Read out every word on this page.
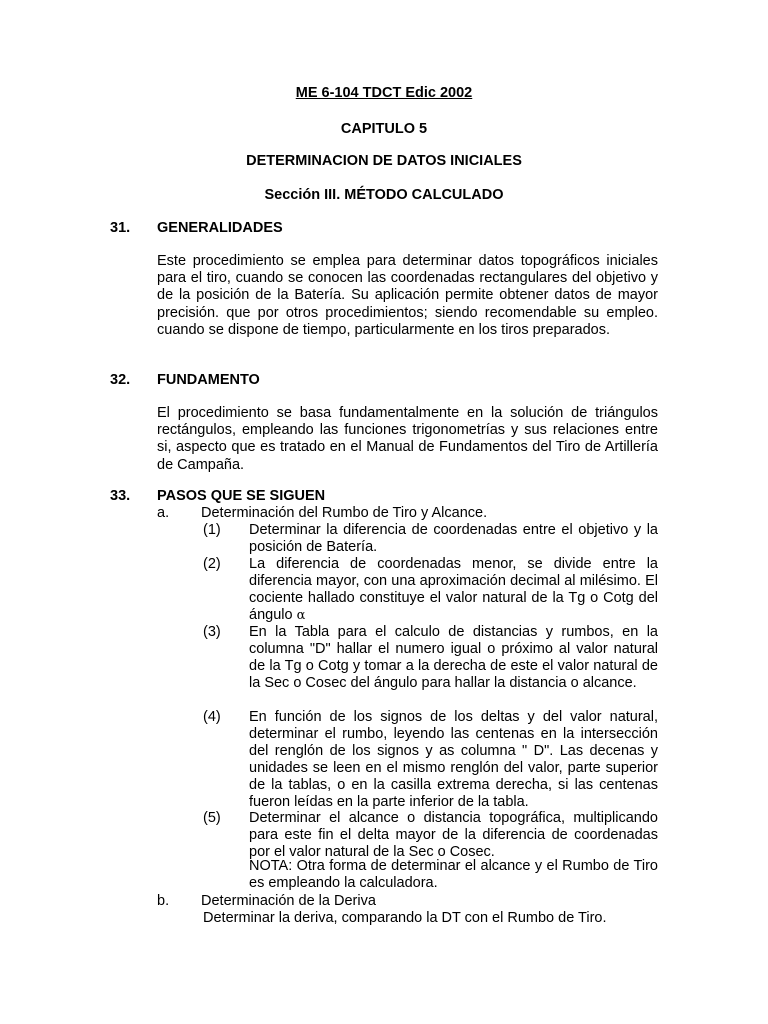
ME 6-104 TDCT Edic 2002
CAPITULO 5
DETERMINACION DE DATOS INICIALES
Sección III. MÉTODO CALCULADO
31. GENERALIDADES
Este procedimiento se emplea para determinar datos topográficos iniciales para el tiro, cuando se conocen las coordenadas rectangulares del objetivo y de la posición de la Batería. Su aplicación permite obtener datos de mayor precisión. que por otros procedimientos; siendo recomendable su empleo. cuando se dispone de tiempo, particularmente en los tiros preparados.
32. FUNDAMENTO
El procedimiento se basa fundamentalmente en la solución de triángulos rectángulos, empleando las funciones trigonometrías y sus relaciones entre si, aspecto que es tratado en el Manual de Fundamentos del Tiro de Artillería de Campaña.
33. PASOS QUE SE SIGUEN
a. Determinación del Rumbo de Tiro y Alcance.
(1) Determinar la diferencia de coordenadas entre el objetivo y la posición de Batería.
(2) La diferencia de coordenadas menor, se divide entre la diferencia mayor, con una aproximación decimal al milésimo. El cociente hallado constituye el valor natural de la Tg o Cotg del ángulo α
(3) En la Tabla para el calculo de distancias y rumbos, en la columna "D" hallar el numero igual o próximo al valor natural de la Tg o Cotg y tomar a la derecha de este el valor natural de la Sec o Cosec del ángulo para hallar la distancia o alcance.
(4) En función de los signos de los deltas y del valor natural, determinar el rumbo, leyendo las centenas en la intersección del renglón de los signos y as columna " D". Las decenas y unidades se leen en el mismo renglón del valor, parte superior de la tablas, o en la casilla extrema derecha, si las centenas fueron leídas en la parte inferior de la tabla.
(5) Determinar el alcance o distancia topográfica, multiplicando para este fin el delta mayor de la diferencia de coordenadas por el valor natural de la Sec o Cosec.
NOTA: Otra forma de determinar el alcance y el Rumbo de Tiro es empleando la calculadora.
b. Determinación de la Deriva
Determinar la deriva, comparando la DT con el Rumbo de Tiro.
